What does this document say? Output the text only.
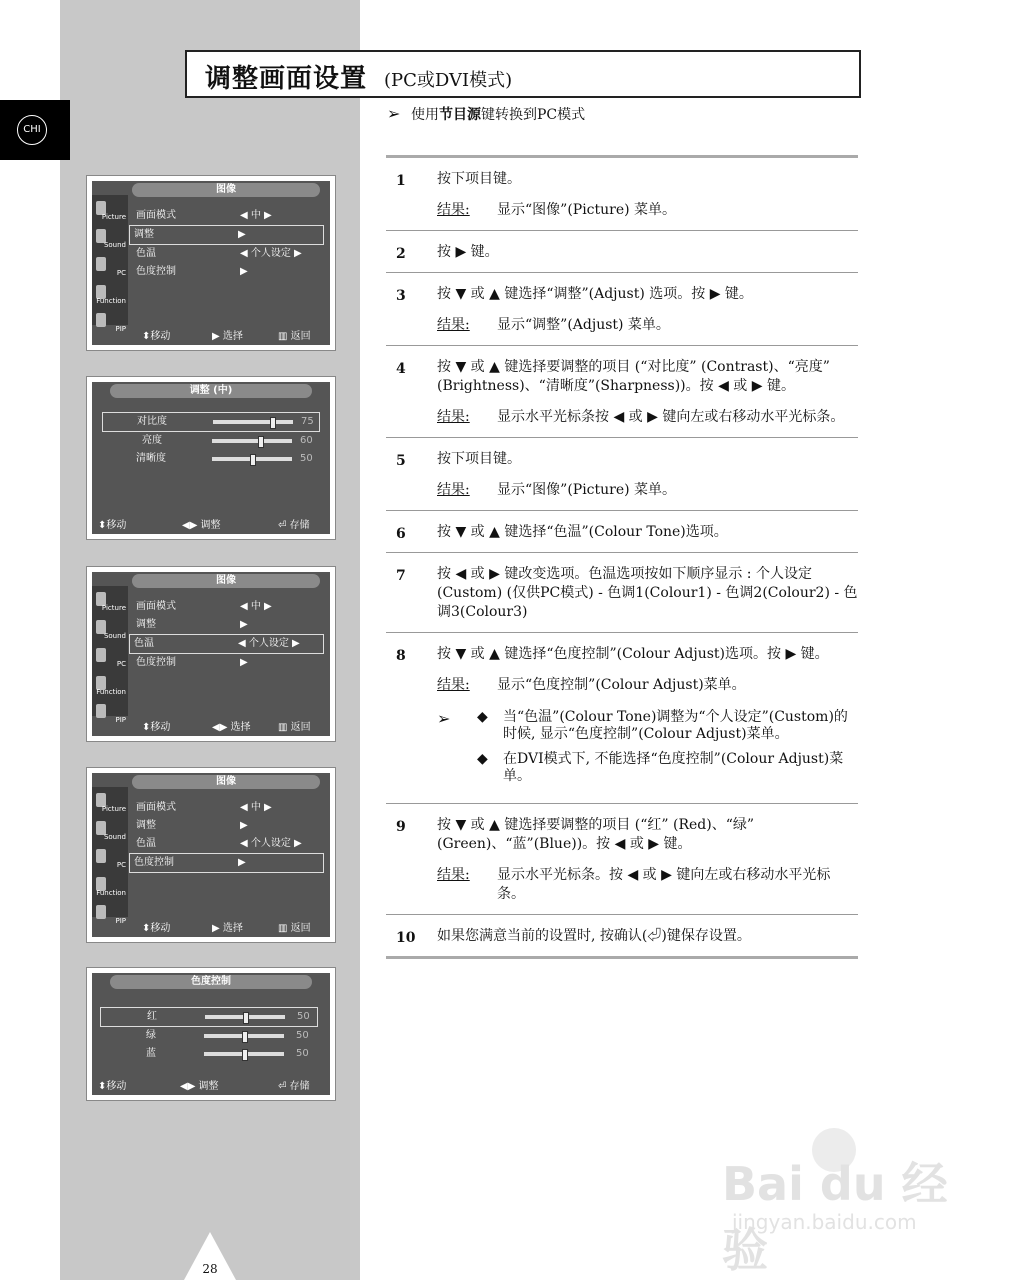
CHI
调整画面设置 (PC或DVI模式)
➢ 使用节目源键转换到PC模式
1 按下项目键。
结果:	显示“图像”(Picture) 菜单。
2 按 ▶ 键。
3 按 ▼ 或 ▲ 键选择“调整”(Adjust) 选项。按 ▶ 键。
结果:	显示“调整”(Adjust) 菜单。
4 按 ▼ 或 ▲ 键选择要调整的项目 (“对比度” (Contrast)、“亮度” (Brightness)、“清晰度”(Sharpness))。按 ◀ 或 ▶ 键。
结果:	显示水平光标条按 ◀ 或 ▶ 键向左或右移动水平光标条。
5 按下项目键。
结果:	显示“图像”(Picture) 菜单。
6 按 ▼ 或 ▲ 键选择“色温”(Colour Tone)选项。
7 按 ◀ 或 ▶ 键改变选项。色温选项按如下顺序显示 : 个人设定(Custom) (仅供PC模式) - 色调1(Colour1) - 色调2(Colour2) - 色调3(Colour3)
8 按 ▼ 或 ▲ 键选择“色度控制”(Colour Adjust)选项。按 ▶ 键。
结果:	显示“色度控制”(Colour Adjust)菜单。
➢	◆	当“色温”(Colour Tone)调整为“个人设定”(Custom)的时候, 显示“色度控制”(Colour Adjust)菜单。
◆	在DVI模式下, 不能选择“色度控制”(Colour Adjust)菜单。
9 按 ▼ 或 ▲ 键选择要调整的项目 (“红” (Red)、“绿” (Green)、“蓝”(Blue))。按 ◀ 或 ▶ 键。
结果:	显示水平光标条。按 ◀ 或 ▶ 键向左或右移动水平光标条。
10 如果您满意当前的设置时, 按确认(⏎)键保存设置。
图像
Picture
Sound
PC
Function
PIP
画面模式	◀ 中 ▶
调整	▶
色温	◀ 个人设定 ▶
色度控制	▶
⬍移动	▶ 选择	▥ 返回
调整 (中)
对比度	75
亮度	60
清晰度	50
⬍移动	◀▶ 调整	⏎ 存储
图像
Picture
Sound
PC
Function
PIP
画面模式	◀ 中 ▶
调整	▶
色温	◀ 个人设定 ▶
色度控制	▶
⬍移动	◀▶ 选择	▥ 返回
图像
Picture
Sound
PC
Function
PIP
画面模式	◀ 中 ▶
调整	▶
色温	◀ 个人设定 ▶
色度控制	▶
⬍移动	▶ 选择	▥ 返回
色度控制
红	50
绿	50
蓝	50
⬍移动	◀▶ 调整	⏎ 存储
28
Bai du 经验
jingyan.baidu.com
